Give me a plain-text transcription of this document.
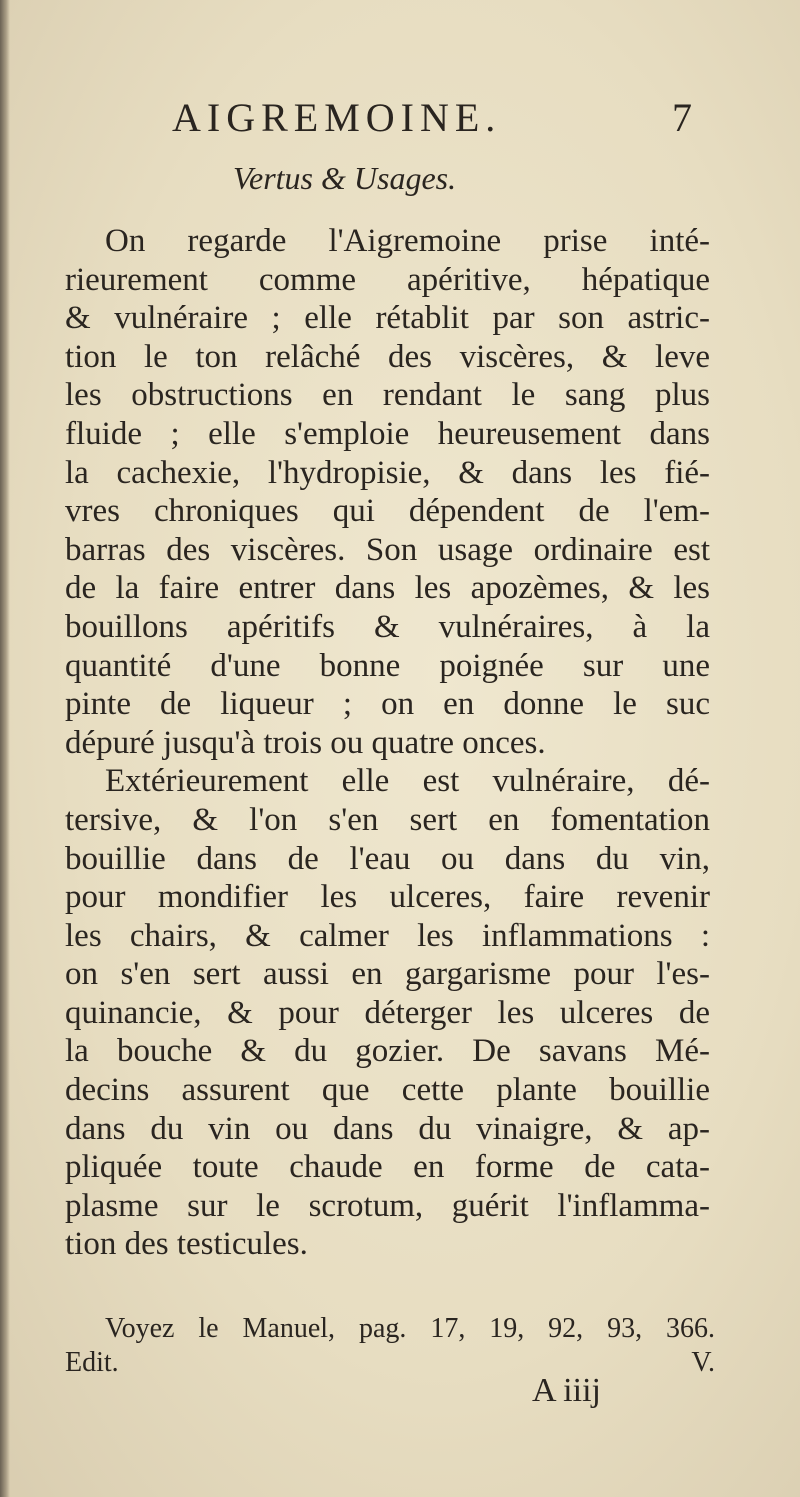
AIGREMOINE.	7
Vertus & Usages.
On regarde l'Aigremoine prise inté-
rieurement comme apéritive, hépatique
& vulnéraire ; elle rétablit par son astric-
tion le ton relâché des viscères, & leve
les obstructions en rendant le sang plus
fluide ; elle s'emploie heureusement dans
la cachexie, l'hydropisie, & dans les fié-
vres chroniques qui dépendent de l'em-
barras des viscères. Son usage ordinaire est
de la faire entrer dans les apozèmes, & les
bouillons apéritifs & vulnéraires, à la
quantité d'une bonne poignée sur une
pinte de liqueur ; on en donne le suc
dépuré jusqu'à trois ou quatre onces.
Extérieurement elle est vulnéraire, dé-
tersive, & l'on s'en sert en fomentation
bouillie dans de l'eau ou dans du vin,
pour mondifier les ulceres, faire revenir
les chairs, & calmer les inflammations :
on s'en sert aussi en gargarisme pour l'es-
quinancie, & pour déterger les ulceres de
la bouche & du gozier. De savans Mé-
decins assurent que cette plante bouillie
dans du vin ou dans du vinaigre, & ap-
pliquée toute chaude en forme de cata-
plasme sur le scrotum, guérit l'inflamma-
tion des testicules.
Voyez le Manuel, pag. 17, 19, 92, 93, 366.
Edit. V.
A iiij
